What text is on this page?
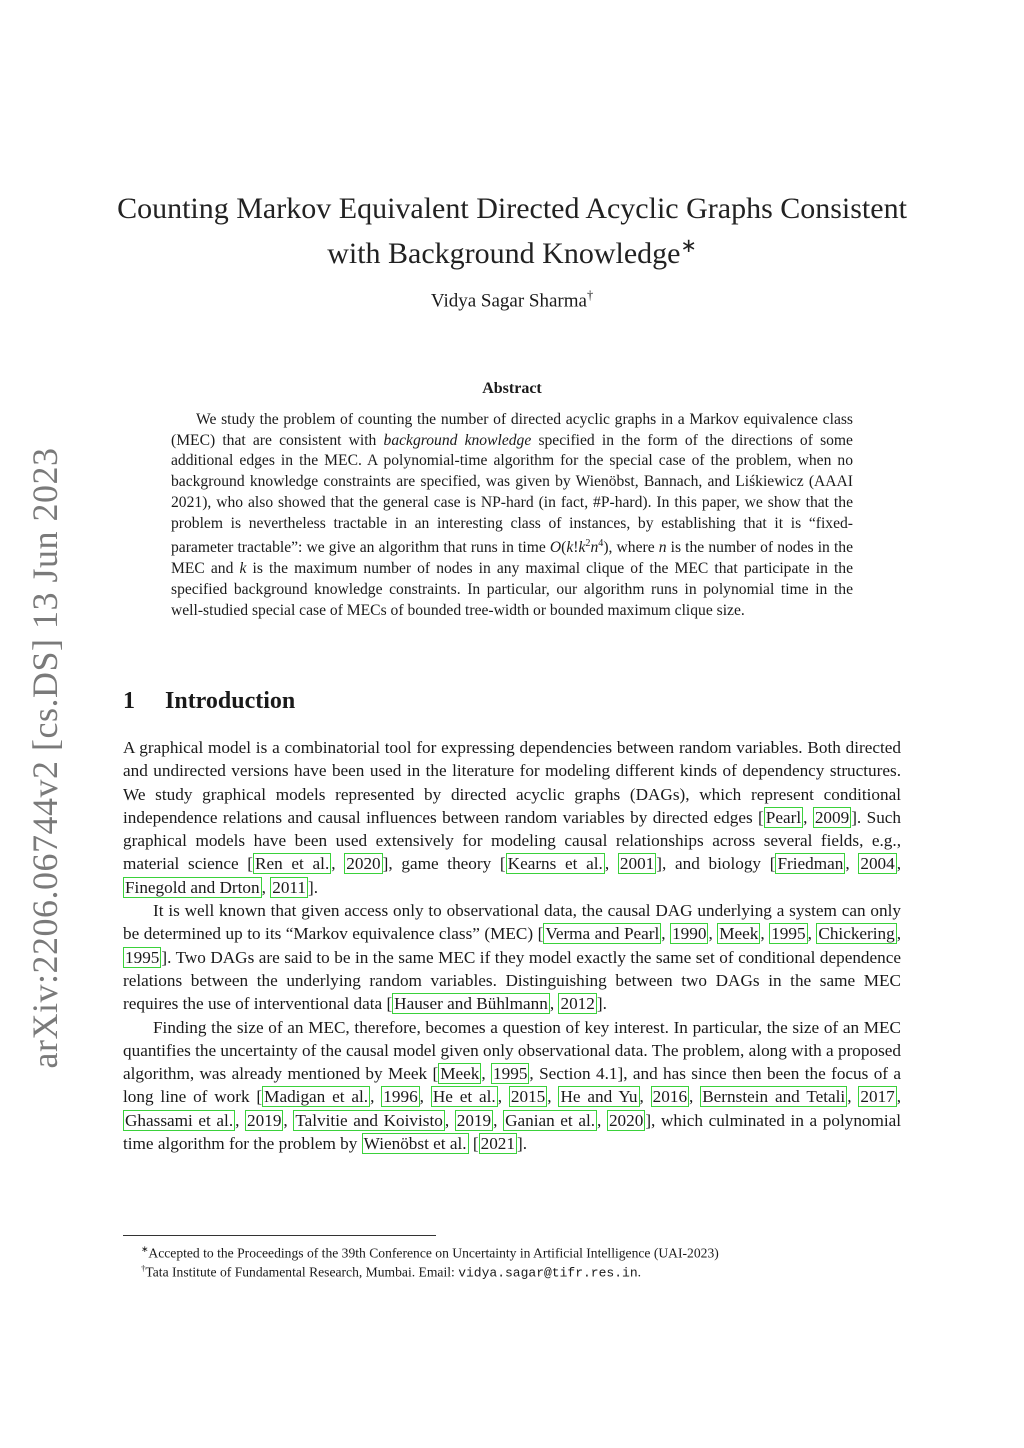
arXiv:2206.06744v2 [cs.DS] 13 Jun 2023
Counting Markov Equivalent Directed Acyclic Graphs Consistent
with Background Knowledge∗
Vidya Sagar Sharma†
Abstract

We study the problem of counting the number of directed acyclic graphs in a Markov equivalence class (MEC) that are consistent with background knowledge specified in the form of the directions of some additional edges in the MEC. A polynomial-time algorithm for the special case of the problem, when no background knowledge constraints are specified, was given by Wienöbst, Bannach, and Liśkiewicz (AAAI 2021), who also showed that the general case is NP-hard (in fact, #P-hard). In this paper, we show that the problem is nevertheless tractable in an interesting class of instances, by establishing that it is “fixed-parameter tractable”: we give an algorithm that runs in time $O(k!k^2n^4)$, where n is the number of nodes in the MEC and k is the maximum number of nodes in any maximal clique of the MEC that participate in the specified background knowledge constraints. In particular, our algorithm runs in polynomial time in the well-studied special case of MECs of bounded tree-width or bounded maximum clique size.

1 Introduction

A graphical model is a combinatorial tool for expressing dependencies between random variables. Both directed and undirected versions have been used in the literature for modeling different kinds of dependency structures. We study graphical models represented by directed acyclic graphs (DAGs), which represent conditional independence relations and causal influences between random variables by directed edges [ Pearl , 2009 ]. Such graphical models have been used extensively for modeling causal relationships across several fields, e.g., material science [ Ren et al. , 2020 ], game theory [ Kearns et al. , 2001 ], and biology [ Friedman , 2004 , Finegold and Drton , 2011 ].

It is well known that given access only to observational data, the causal DAG underlying a system can only be determined up to its “Markov equivalence class” (MEC) [ Verma and Pearl , 1990 , Meek , 1995 , Chickering , 1995 ]. Two DAGs are said to be in the same MEC if they model exactly the same set of conditional dependence relations between the underlying random variables. Distinguishing between two DAGs in the same MEC requires the use of interventional data [ Hauser and Bühlmann , 2012 ].

Finding the size of an MEC, therefore, becomes a question of key interest. In particular, the size of an MEC quantifies the uncertainty of the causal model given only observational data. The problem, along with a proposed algorithm, was already mentioned by Meek [ Meek , 1995 , Section 4.1], and has since then been the focus of a long line of work [ Madigan et al. , 1996 , He et al. , 2015 , He and Yu , 2016 , Bernstein and Tetali , 2017 , Ghassami et al. , 2019 , Talvitie and Koivisto , 2019 , Ganian et al. , 2020 ], which culminated in a polynomial time algorithm for the problem by Wienöbst et al. [ 2021 ].

∗Accepted to the Proceedings of the 39th Conference on Uncertainty in Artificial Intelligence (UAI-2023)
†Tata Institute of Fundamental Research, Mumbai. Email: vidya.sagar@tifr.res.in.
